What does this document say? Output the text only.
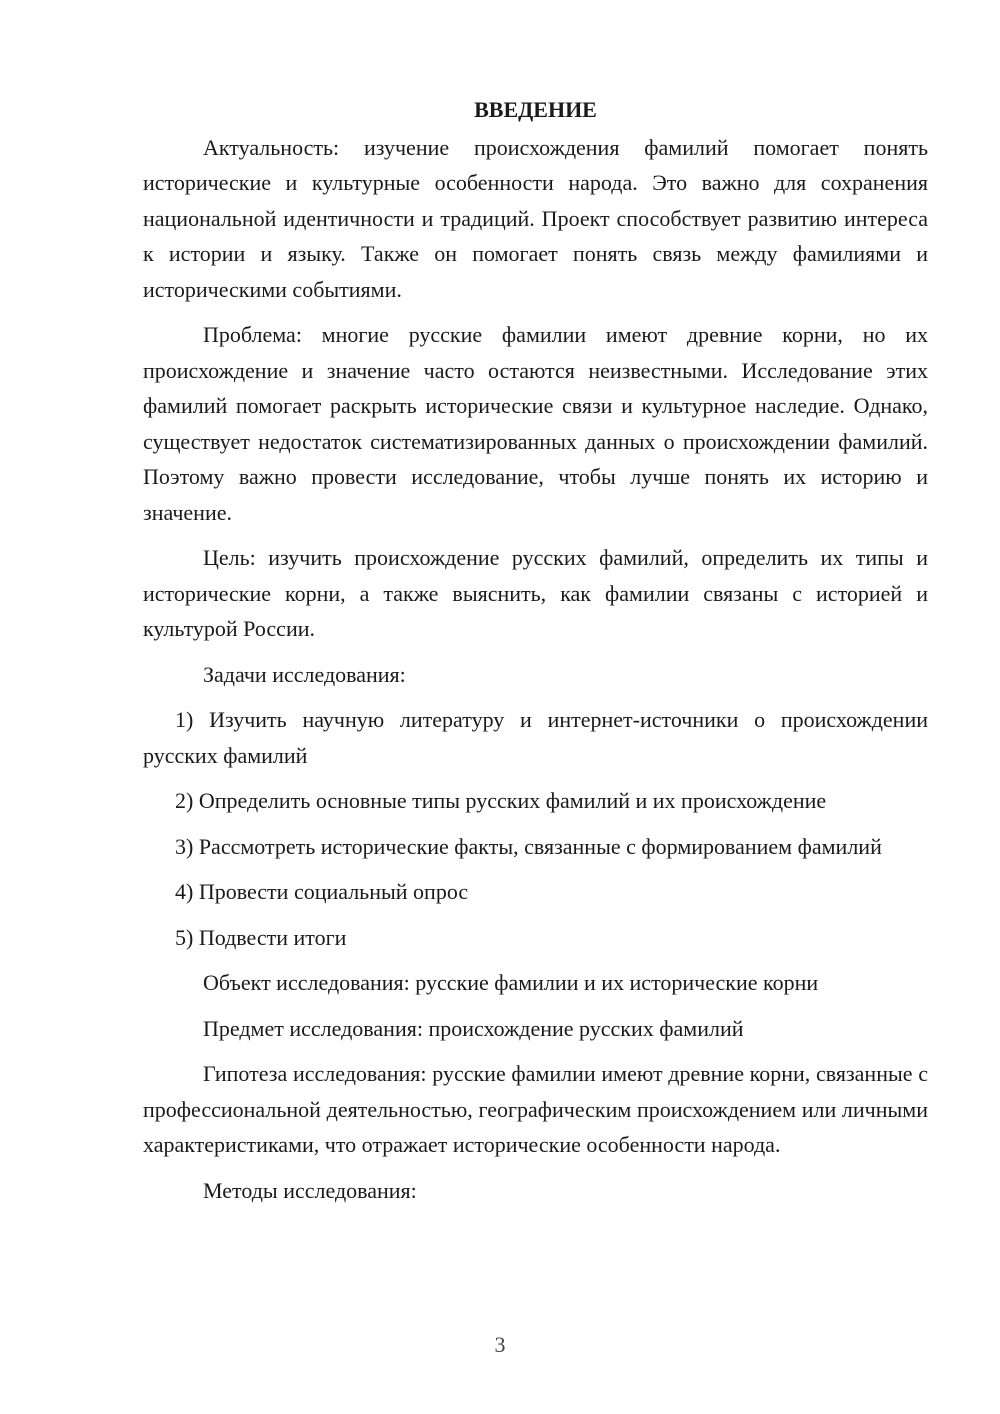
ВВЕДЕНИЕ

Актуальность: изучение происхождения фамилий помогает понять исторические и культурные особенности народа. Это важно для сохранения национальной идентичности и традиций. Проект способствует развитию интереса к истории и языку. Также он помогает понять связь между фамилиями и историческими событиями.

Проблема: многие русские фамилии имеют древние корни, но их происхождение и значение часто остаются неизвестными. Исследование этих фамилий помогает раскрыть исторические связи и культурное наследие. Однако, существует недостаток систематизированных данных о происхождении фамилий. Поэтому важно провести исследование, чтобы лучше понять их историю и значение.

Цель: изучить происхождение русских фамилий, определить их типы и исторические корни, а также выяснить, как фамилии связаны с историей и культурой России.

Задачи исследования:

1) Изучить научную литературу и интернет-источники о происхождении русских фамилий

2) Определить основные типы русских фамилий и их происхождение

3) Рассмотреть исторические факты, связанные с формированием фамилий

4) Провести социальный опрос

5) Подвести итоги

Объект исследования: русские фамилии и их исторические корни

Предмет исследования: происхождение русских фамилий

Гипотеза исследования: русские фамилии имеют древние корни, связанные с профессиональной деятельностью, географическим происхождением или личными характеристиками, что отражает исторические особенности народа.

Методы исследования:

3
